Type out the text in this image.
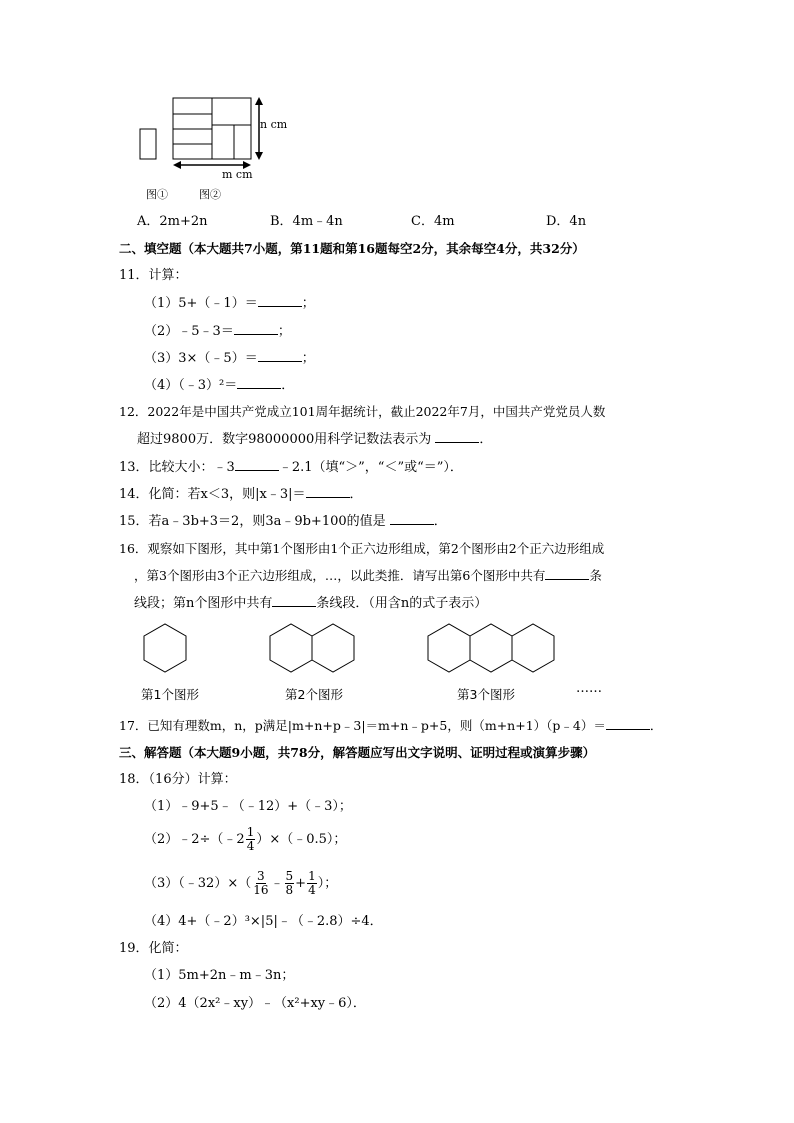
n cm
m cm
图①	图②
A．2m+2n	B．4m﹣4n	C．4m	D．4n
二、填空题（本大题共7小题，第11题和第16题每空2分，其余每空4分，共32分）
11．计算：
（1）5+（﹣1）＝	；
（2）﹣5﹣3＝	；
（3）3×（﹣5）＝	；
（4）（﹣3）²＝	．
12．2022年是中国共产党成立101周年据统计，截止2022年7月，中国共产党党员人数
超过9800万．数字98000000用科学记数法表示为	．
13．比较大小：﹣3	﹣2.1（填“＞”，“＜”或“＝”）．
14．化简：若x＜3，则|x﹣3|＝	．
15．若a﹣3b+3＝2，则3a﹣9b+100的值是	．
16．观察如下图形，其中第1个图形由1个正六边形组成，第2个图形由2个正六边形组成
，第3个图形由3个正六边形组成，…，以此类推．请写出第6个图形中共有	条
线段；第n个图形中共有	条线段．（用含n的式子表示）
第1个图形	第2个图形	第3个图形	……
17．已知有理数m，n，p满足|m+n+p﹣3|＝m+n﹣p+5，则（m+n+1）（p﹣4）＝	．
三、解答题（本大题9小题，共78分，解答题应写出文字说明、证明过程或演算步骤）
18．（16分）计算：
（1）﹣9+5﹣（﹣12）+（﹣3）；
（2）﹣2÷（﹣2 $\frac{1}{4}$ ）×（﹣0.5）；
（3）（﹣32）×（ $\frac{3}{16}$ ﹣ $\frac{5}{8} + \frac{1}{4}$ ）；
（4）4+（﹣2）³×|5|﹣（﹣2.8）÷4．
19．化简：
（1）5m+2n﹣m﹣3n；
（2）4（2x²﹣xy）﹣（x²+xy﹣6）．
